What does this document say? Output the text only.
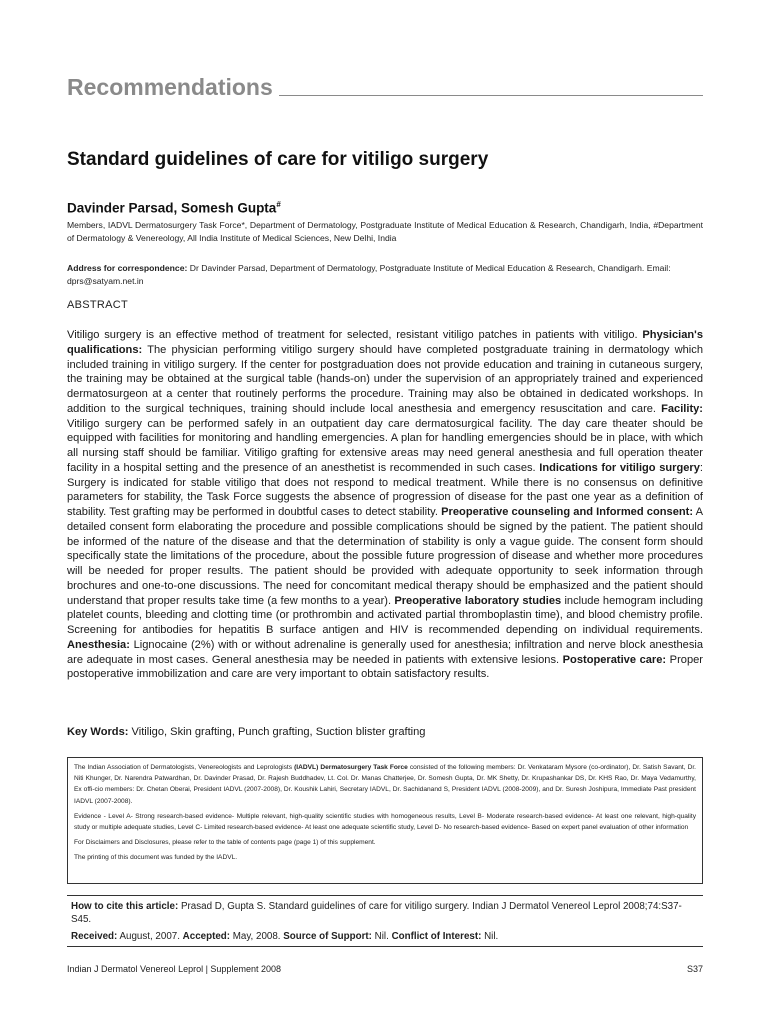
Recommendations
Standard guidelines of care for vitiligo surgery
Davinder Parsad, Somesh Gupta#
Members, IADVL Dermatosurgery Task Force*, Department of Dermatology, Postgraduate Institute of Medical Education & Research, Chandigarh, India, #Department of Dermatology & Venereology, All India Institute of Medical Sciences, New Delhi, India
Address for correspondence: Dr Davinder Parsad, Department of Dermatology, Postgraduate Institute of Medical Education & Research, Chandigarh. Email: dprs@satyam.net.in
ABSTRACT
Vitiligo surgery is an effective method of treatment for selected, resistant vitiligo patches in patients with vitiligo. Physician's qualifications: The physician performing vitiligo surgery should have completed postgraduate training in dermatology which included training in vitiligo surgery. If the center for postgraduation does not provide education and training in cutaneous surgery, the training may be obtained at the surgical table (hands-on) under the supervision of an appropriately trained and experienced dermatosurgeon at a center that routinely performs the procedure. Training may also be obtained in dedicated workshops. In addition to the surgical techniques, training should include local anesthesia and emergency resuscitation and care. Facility: Vitiligo surgery can be performed safely in an outpatient day care dermatosurgical facility. The day care theater should be equipped with facilities for monitoring and handling emergencies. A plan for handling emergencies should be in place, with which all nursing staff should be familiar. Vitiligo grafting for extensive areas may need general anesthesia and full operation theater facility in a hospital setting and the presence of an anesthetist is recommended in such cases. Indications for vitiligo surgery: Surgery is indicated for stable vitiligo that does not respond to medical treatment. While there is no consensus on definitive parameters for stability, the Task Force suggests the absence of progression of disease for the past one year as a definition of stability. Test grafting may be performed in doubtful cases to detect stability. Preoperative counseling and Informed consent: A detailed consent form elaborating the procedure and possible complications should be signed by the patient. The patient should be informed of the nature of the disease and that the determination of stability is only a vague guide. The consent form should specifically state the limitations of the procedure, about the possible future progression of disease and whether more procedures will be needed for proper results. The patient should be provided with adequate opportunity to seek information through brochures and one-to-one discussions. The need for concomitant medical therapy should be emphasized and the patient should understand that proper results take time (a few months to a year). Preoperative laboratory studies include hemogram including platelet counts, bleeding and clotting time (or prothrombin and activated partial thromboplastin time), and blood chemistry profile. Screening for antibodies for hepatitis B surface antigen and HIV is recommended depending on individual requirements. Anesthesia: Lignocaine (2%) with or without adrenaline is generally used for anesthesia; infiltration and nerve block anesthesia are adequate in most cases. General anesthesia may be needed in patients with extensive lesions. Postoperative care: Proper postoperative immobilization and care are very important to obtain satisfactory results.
Key Words: Vitiligo, Skin grafting, Punch grafting, Suction blister grafting

The Indian Association of Dermatologists, Venereologists and Leprologists (IADVL) Dermatosurgery Task Force consisted of the following members: Dr. Venkataram Mysore (co-ordinator), Dr. Satish Savant, Dr. Niti Khunger, Dr. Narendra Patwardhan, Dr. Davinder Prasad, Dr. Rajesh Buddhadev, Lt. Col. Dr. Manas Chatterjee, Dr. Somesh Gupta, Dr. MK Shetty, Dr. Krupashankar DS, Dr. KHS Rao, Dr. Maya Vedamurthy, Ex offi-cio members: Dr. Chetan Oberai, President IADVL (2007-2008), Dr. Koushik Lahiri, Secretary IADVL, Dr. Sachidanand S, President IADVL (2008-2009), and Dr. Suresh Joshipura, Immediate Past president IADVL (2007-2008).

Evidence - Level A- Strong research-based evidence- Multiple relevant, high-quality scientific studies with homogeneous results, Level B- Moderate research-based evidence- At least one relevant, high-quality study or multiple adequate studies, Level C- Limited research-based evidence- At least one adequate scientific study, Level D- No research-based evidence- Based on expert panel evaluation of other information

For Disclaimers and Disclosures, please refer to the table of contents page (page 1) of this supplement.

The printing of this document was funded by the IADVL.

How to cite this article: Prasad D, Gupta S. Standard guidelines of care for vitiligo surgery. Indian J Dermatol Venereol Leprol 2008;74:S37-S45.

Received: August, 2007. Accepted: May, 2008. Source of Support: Nil. Conflict of Interest: Nil.

Indian J Dermatol Venereol Leprol | Supplement 2008	S37
